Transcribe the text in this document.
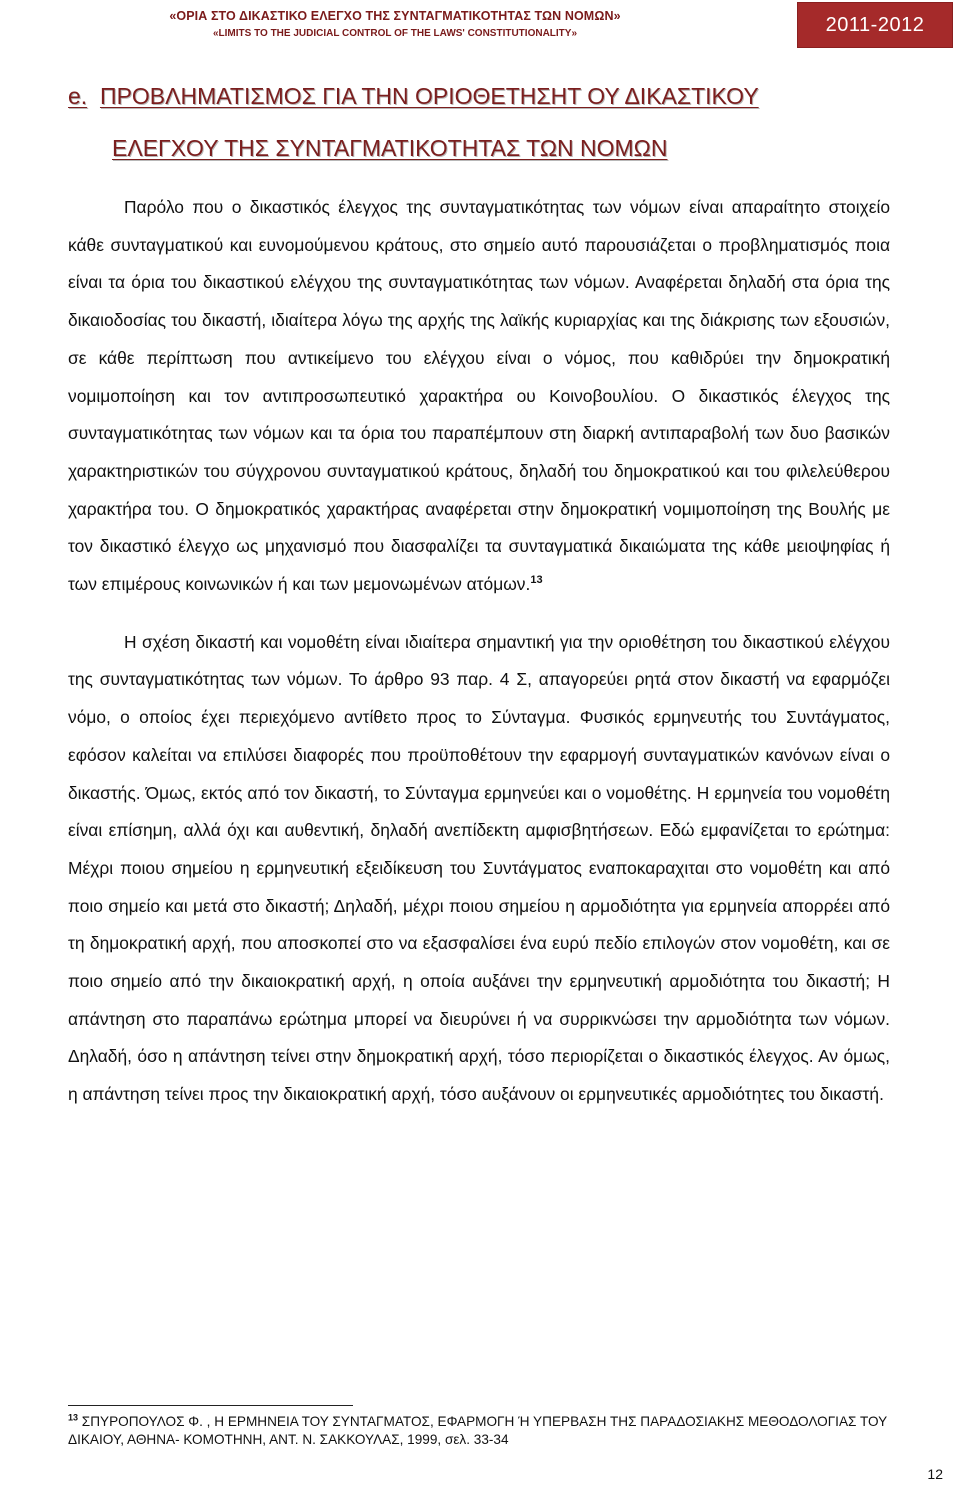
«ΟΡΙΑ ΣΤΟ ΔΙΚΑΣΤΙΚΟ ΕΛΕΓΧΟ ΤΗΣ ΣΥΝΤΑΓΜΑΤΙΚΟΤΗΤΑΣ ΤΩΝ ΝΟΜΩΝ»
«LIMITS TO THE JUDICIAL CONTROL OF THE LAWS' CONSTITUTIONALITY»	2011-2012
e. ΠΡΟΒΛΗΜΑΤΙΣΜΟΣ ΓΙΑ ΤΗΝ ΟΡΙΟΘΕΤΗΣΗΤ ΟΥ ΔΙΚΑΣΤΙΚΟΥ
ΕΛΕΓΧΟΥ ΤΗΣ ΣΥΝΤΑΓΜΑΤΙΚΟΤΗΤΑΣ ΤΩΝ ΝΟΜΩΝ

Παρόλο που ο δικαστικός έλεγχος της συνταγματικότητας των νόμων είναι απαραίτητο στοιχείο κάθε συνταγματικού και ευνομούμενου κράτους, στο σημείο αυτό παρουσιάζεται ο προβληματισμός ποια είναι τα όρια του δικαστικού ελέγχου της συνταγματικότητας των νόμων. Αναφέρεται δηλαδή στα όρια της δικαιοδοσίας του δικαστή, ιδιαίτερα λόγω της αρχής της λαϊκής κυριαρχίας και της διάκρισης των εξουσιών, σε κάθε περίπτωση που αντικείμενο του ελέγχου είναι ο νόμος, που καθιδρύει την δημοκρατική νομιμοποίηση και τον αντιπροσωπευτικό χαρακτήρα ου Κοινοβουλίου. Ο δικαστικός έλεγχος της συνταγματικότητας των νόμων και τα όρια του παραπέμπουν στη διαρκή αντιπαραβολή των δυο βασικών χαρακτηριστικών του σύγχρονου συνταγματικού κράτους, δηλαδή του δημοκρατικού και του φιλελεύθερου χαρακτήρα του. Ο δημοκρατικός χαρακτήρας αναφέρεται στην δημοκρατική νομιμοποίηση της Βουλής με τον δικαστικό έλεγχο ως μηχανισμό που διασφαλίζει τα συνταγματικά δικαιώματα της κάθε μειοψηφίας ή των επιμέρους κοινωνικών ή και των μεμονωμένων ατόμων.$^{13}$

Η σχέση δικαστή και νομοθέτη είναι ιδιαίτερα σημαντική για την οριοθέτηση του δικαστικού ελέγχου της συνταγματικότητας των νόμων. Το άρθρο 93 παρ. 4 Σ, απαγορεύει ρητά στον δικαστή να εφαρμόζει νόμο, ο οποίος έχει περιεχόμενο αντίθετο προς το Σύνταγμα. Φυσικός ερμηνευτής του Συντάγματος, εφόσον καλείται να επιλύσει διαφορές που προϋποθέτουν την εφαρμογή συνταγματικών κανόνων είναι ο δικαστής. Όμως, εκτός από τον δικαστή, το Σύνταγμα ερμηνεύει και ο νομοθέτης. Η ερμηνεία του νομοθέτη είναι επίσημη, αλλά όχι και αυθεντική, δηλαδή ανεπίδεκτη αμφισβητήσεων. Εδώ εμφανίζεται το ερώτημα: Μέχρι ποιου σημείου η ερμηνευτική εξειδίκευση του Συντάγματος εναποκαραχιται στο νομοθέτη και από ποιο σημείο και μετά στο δικαστή; Δηλαδή, μέχρι ποιου σημείου η αρμοδιότητα για ερμηνεία απορρέει από τη δημοκρατική αρχή, που αποσκοπεί στο να εξασφαλίσει ένα ευρύ πεδίο επιλογών στον νομοθέτη, και σε ποιο σημείο από την δικαιοκρατική αρχή, η οποία αυξάνει την ερμηνευτική αρμοδιότητα του δικαστή; Η απάντηση στο παραπάνω ερώτημα μπορεί να διευρύνει ή να συρρικνώσει την αρμοδιότητα των νόμων. Δηλαδή, όσο η απάντηση τείνει στην δημοκρατική αρχή, τόσο περιορίζεται ο δικαστικός έλεγχος. Αν όμως, η απάντηση τείνει προς την δικαιοκρατική αρχή, τόσο αυξάνουν οι ερμηνευτικές αρμοδιότητες του δικαστή.

$^{13}$ ΣΠΥΡΟΠΟΥΛΟΣ Φ. , Η ΕΡΜΗΝΕΙΑ ΤΟΥ ΣΥΝΤΑΓΜΑΤΟΣ, ΕΦΑΡΜΟΓΗ Ή ΥΠΕΡΒΑΣΗ ΤΗΣ ΠΑΡΑΔΟΣΙΑΚΗΣ ΜΕΘΟΔΟΛΟΓΙΑΣ ΤΟΥ ΔΙΚΑΙΟΥ, ΑΘΗΝΑ- ΚΟΜΟΤΗΝΗ, ΑΝΤ. Ν. ΣΑΚΚΟΥΛΑΣ, 1999, σελ. 33-34
12
